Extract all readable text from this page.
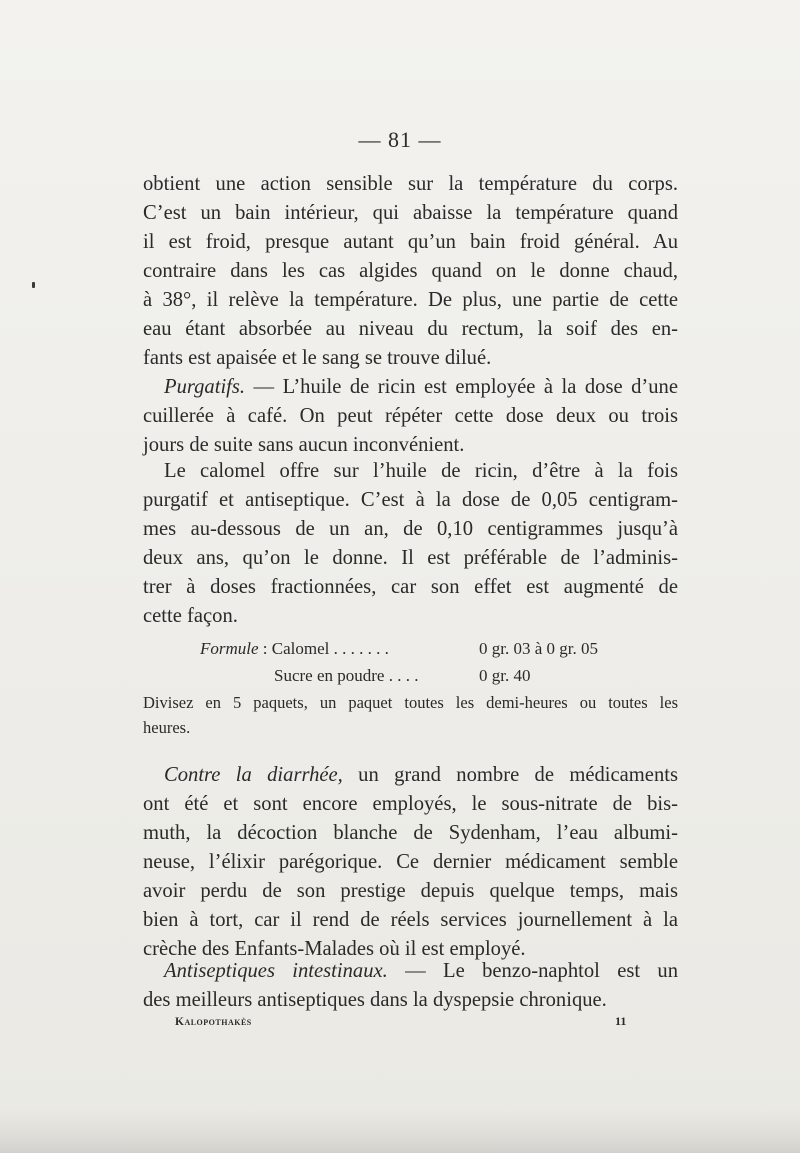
— 81 —
obtient une action sensible sur la température du corps.
C’est un bain intérieur, qui abaisse la température quand
il est froid, presque autant qu’un bain froid général. Au
contraire dans les cas algides quand on le donne chaud,
à 38°, il relève la température. De plus, une partie de cette
eau étant absorbée au niveau du rectum, la soif des en-
fants est apaisée et le sang se trouve dilué.
Purgatifs. — L’huile de ricin est employée à la dose d’une
cuillerée à café. On peut répéter cette dose deux ou trois
jours de suite sans aucun inconvénient.
Le calomel offre sur l’huile de ricin, d’être à la fois
purgatif et antiseptique. C’est à la dose de 0,05 centigram-
mes au-dessous de un an, de 0,10 centigrammes jusqu’à
deux ans, qu’on le donne. Il est préférable de l’adminis-
trer à doses fractionnées, car son effet est augmenté de
cette façon.
Formule : Calomel . . . . . . .	0 gr. 03 à 0 gr. 05
Sucre en poudre . . . .	0 gr. 40
Divisez en 5 paquets, un paquet toutes les demi-heures ou toutes les
heures.
Contre la diarrhée, un grand nombre de médicaments
ont été et sont encore employés, le sous-nitrate de bis-
muth, la décoction blanche de Sydenham, l’eau albumi-
neuse, l’élixir parégorique. Ce dernier médicament semble
avoir perdu de son prestige depuis quelque temps, mais
bien à tort, car il rend de réels services journellement à la
crèche des Enfants-Malades où il est employé.
Antiseptiques intestinaux. — Le benzo-naphtol est un
des meilleurs antiseptiques dans la dyspepsie chronique.
Kalopothakès	11
